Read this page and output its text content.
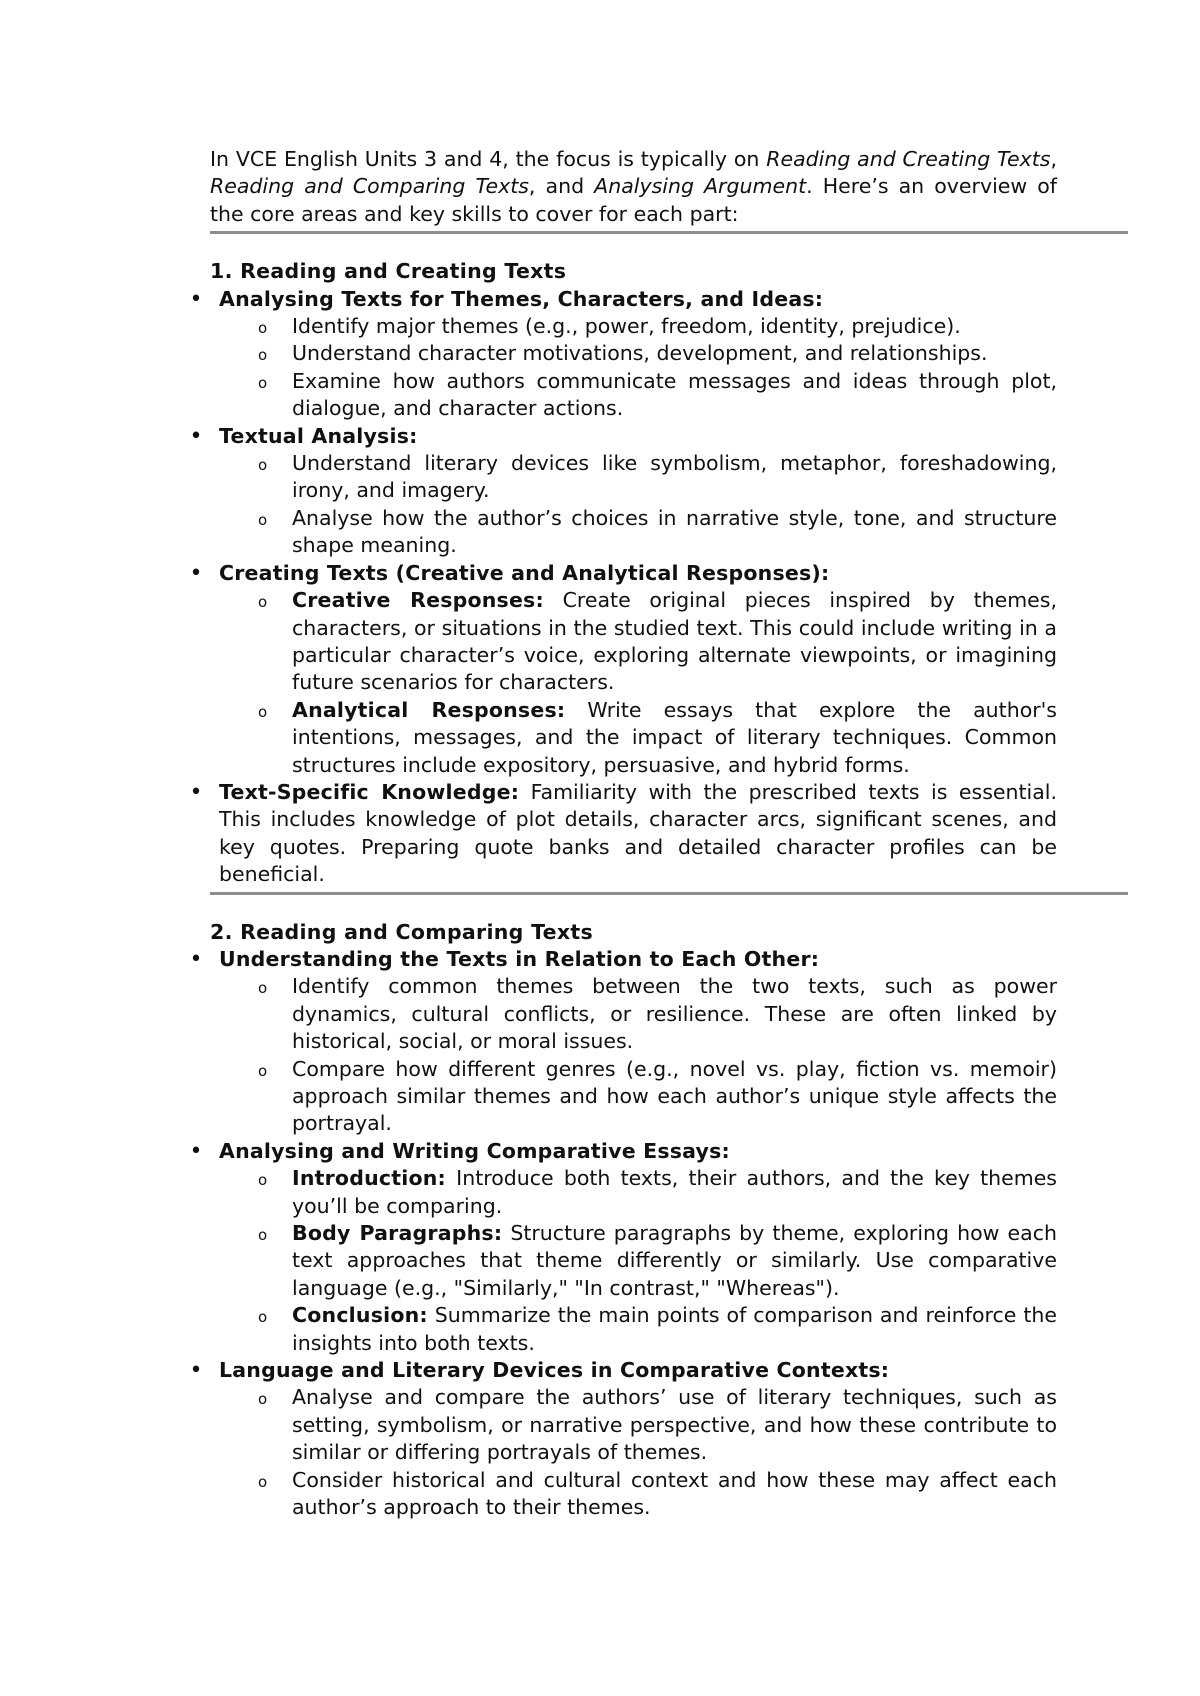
In VCE English Units 3 and 4, the focus is typically on Reading and Creating Texts, Reading and Comparing Texts, and Analysing Argument. Here’s an overview of the core areas and key skills to cover for each part:

1. Reading and Creating Texts

• Analysing Texts for Themes, Characters, and Ideas:
o Identify major themes (e.g., power, freedom, identity, prejudice).
o Understand character motivations, development, and relationships.
o Examine how authors communicate messages and ideas through plot, dialogue, and character actions.
• Textual Analysis:
o Understand literary devices like symbolism, metaphor, foreshadowing, irony, and imagery.
o Analyse how the author’s choices in narrative style, tone, and structure shape meaning.
• Creating Texts (Creative and Analytical Responses):
o Creative Responses: Create original pieces inspired by themes, characters, or situations in the studied text. This could include writing in a particular character’s voice, exploring alternate viewpoints, or imagining future scenarios for characters.
o Analytical Responses: Write essays that explore the author's intentions, messages, and the impact of literary techniques. Common structures include expository, persuasive, and hybrid forms.
• Text-Specific Knowledge: Familiarity with the prescribed texts is essential. This includes knowledge of plot details, character arcs, significant scenes, and key quotes. Preparing quote banks and detailed character profiles can be beneficial.

2. Reading and Comparing Texts

• Understanding the Texts in Relation to Each Other:
o Identify common themes between the two texts, such as power dynamics, cultural conflicts, or resilience. These are often linked by historical, social, or moral issues.
o Compare how different genres (e.g., novel vs. play, fiction vs. memoir) approach similar themes and how each author’s unique style affects the portrayal.
• Analysing and Writing Comparative Essays:
o Introduction: Introduce both texts, their authors, and the key themes you’ll be comparing.
o Body Paragraphs: Structure paragraphs by theme, exploring how each text approaches that theme differently or similarly. Use comparative language (e.g., "Similarly," "In contrast," "Whereas").
o Conclusion: Summarize the main points of comparison and reinforce the insights into both texts.
• Language and Literary Devices in Comparative Contexts:
o Analyse and compare the authors’ use of literary techniques, such as setting, symbolism, or narrative perspective, and how these contribute to similar or differing portrayals of themes.
o Consider historical and cultural context and how these may affect each author’s approach to their themes.
